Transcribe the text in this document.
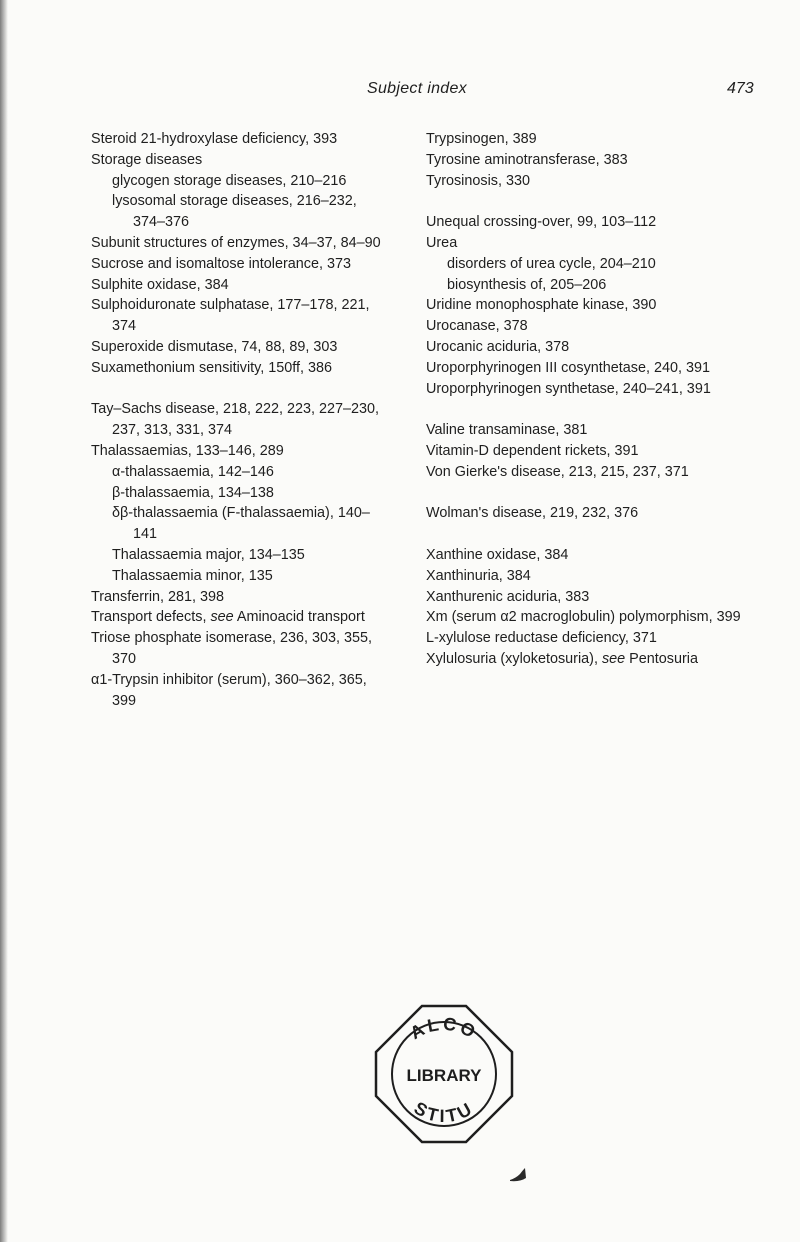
Subject index	473
Steroid 21-hydroxylase deficiency, 393
Storage diseases
glycogen storage diseases, 210–216
lysosomal storage diseases, 216–232, 374–376
Subunit structures of enzymes, 34–37, 84–90
Sucrose and isomaltose intolerance, 373
Sulphite oxidase, 384
Sulphoiduronate sulphatase, 177–178, 221, 374
Superoxide dismutase, 74, 88, 89, 303
Suxamethonium sensitivity, 150ff, 386
Tay–Sachs disease, 218, 222, 223, 227–230, 237, 313, 331, 374
Thalassaemias, 133–146, 289
α-thalassaemia, 142–146
β-thalassaemia, 134–138
δβ-thalassaemia (F-thalassaemia), 140–141
Thalassaemia major, 134–135
Thalassaemia minor, 135
Transferrin, 281, 398
Transport defects, see Aminoacid transport
Triose phosphate isomerase, 236, 303, 355, 370
α1-Trypsin inhibitor (serum), 360–362, 365, 399
Trypsinogen, 389
Tyrosine aminotransferase, 383
Tyrosinosis, 330
Unequal crossing-over, 99, 103–112
Urea
disorders of urea cycle, 204–210
biosynthesis of, 205–206
Uridine monophosphate kinase, 390
Urocanase, 378
Urocanic aciduria, 378
Uroporphyrinogen III cosynthetase, 240, 391
Uroporphyrinogen synthetase, 240–241, 391
Valine transaminase, 381
Vitamin-D dependent rickets, 391
Von Gierke's disease, 213, 215, 237, 371
Wolman's disease, 219, 232, 376
Xanthine oxidase, 384
Xanthinuria, 384
Xanthurenic aciduria, 383
Xm (serum α2 macroglobulin) polymorphism, 399
L-xylulose reductase deficiency, 371
Xylulosuria (xyloketosuria), see Pentosuria
ALCO
LIBRARY
STITU
